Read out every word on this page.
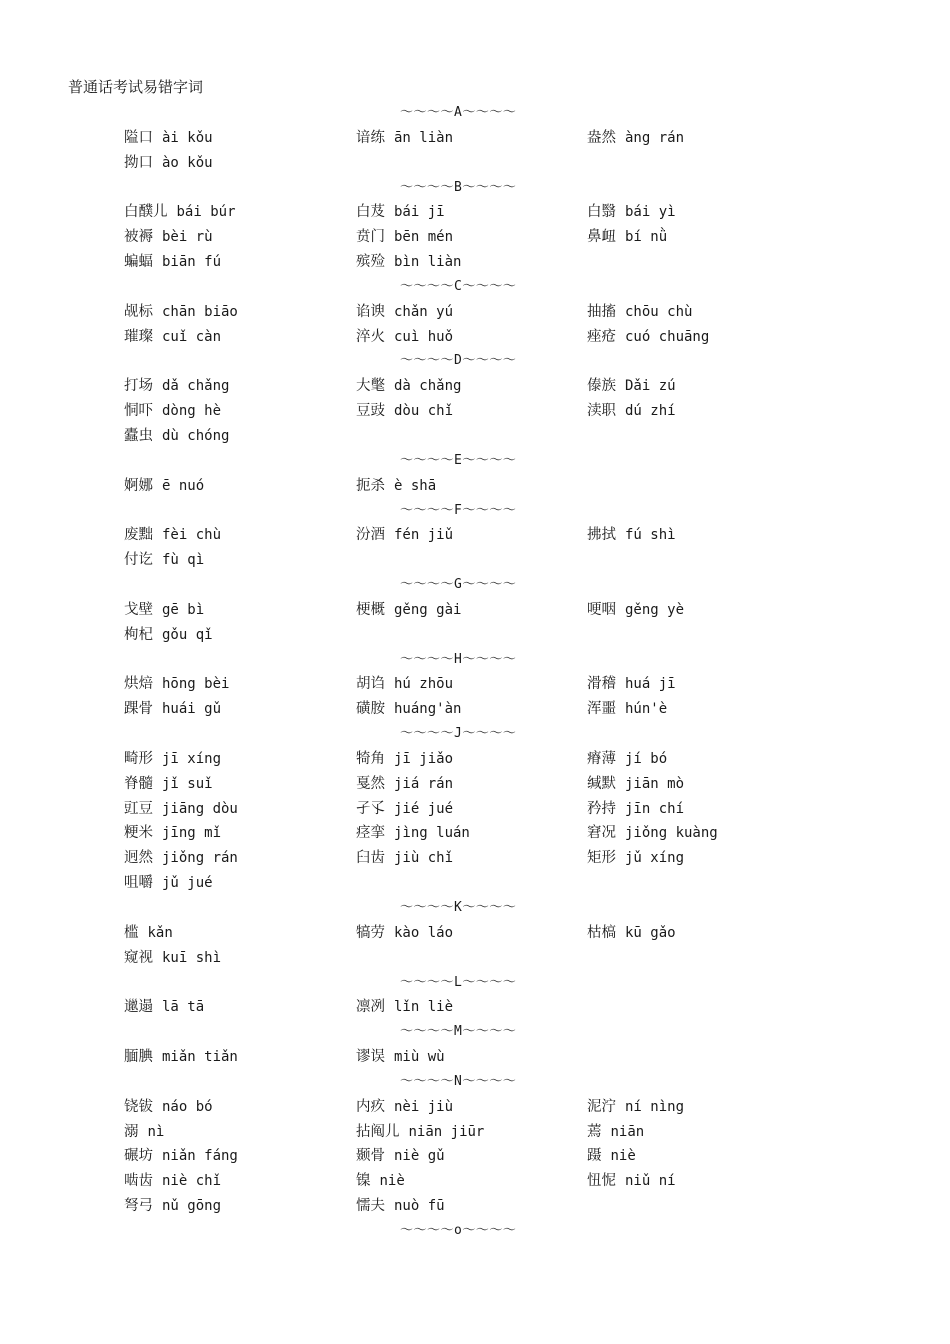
普通话考试易错字词
～～～～A～～～～
隘口 ài kǒu	谙练 ān liàn	盎然 àng rán
拗口 ào kǒu
～～～～B～～～～
白醭儿 bái búr	白芨 bái jī	白翳 bái yì
被褥 bèi rù	贲门 bēn mén	鼻衄 bí nǜ
蝙蝠 biān fú	殡殓 bìn liàn
～～～～C～～～～
觇标 chān biāo	谄谀 chǎn yú	抽搐 chōu chù
璀璨 cuǐ càn	淬火 cuì huǒ	痤疮 cuó chuāng
～～～～D～～～～
打场 dǎ chǎng	大氅 dà chǎng	傣族 Dǎi zú
恫吓 dòng hè	豆豉 dòu chǐ	渎职 dú zhí
蠹虫 dù chóng
～～～～E～～～～
婀娜 ē nuó	扼杀 è shā
～～～～F～～～～
废黜 fèi chù	汾酒 fén jiǔ	拂拭 fú shì
付讫 fù qì
～～～～G～～～～
戈壁 gē bì	梗概 gěng gài	哽咽 gěng yè
枸杞 gǒu qǐ
～～～～H～～～～
烘焙 hōng bèi	胡诌 hú zhōu	滑稽 huá jī
踝骨 huái gǔ	磺胺 huáng'àn	浑噩 hún'è
～～～～J～～～～
畸形 jī xíng	犄角 jī jiǎo	瘠薄 jí bó
脊髓 jǐ suǐ	戛然 jiá rán	缄默 jiān mò
豇豆 jiāng dòu	孑孓 jié jué	矜持 jīn chí
粳米 jīng mǐ	痉挛 jìng luán	窘况 jiǒng kuàng
迥然 jiǒng rán	臼齿 jiù chǐ	矩形 jǔ xíng
咀嚼 jǔ jué
～～～～K～～～～
槛 kǎn	犒劳 kào láo	枯槁 kū gǎo
窥视 kuī shì
～～～～L～～～～
邋遢 lā tā	凛冽 lǐn liè
～～～～M～～～～
腼腆 miǎn tiǎn	谬误 miù wù
～～～～N～～～～
铙钹 náo bó	内疚 nèi jiù	泥泞 ní nìng
溺 nì	拈阄儿 niān jiūr	蔫 niān
碾坊 niǎn fáng	颞骨 niè gǔ	蹑 niè
啮齿 niè chǐ	镍 niè	忸怩 niǔ ní
弩弓 nǔ gōng	懦夫 nuò fū
～～～～o～～～～
